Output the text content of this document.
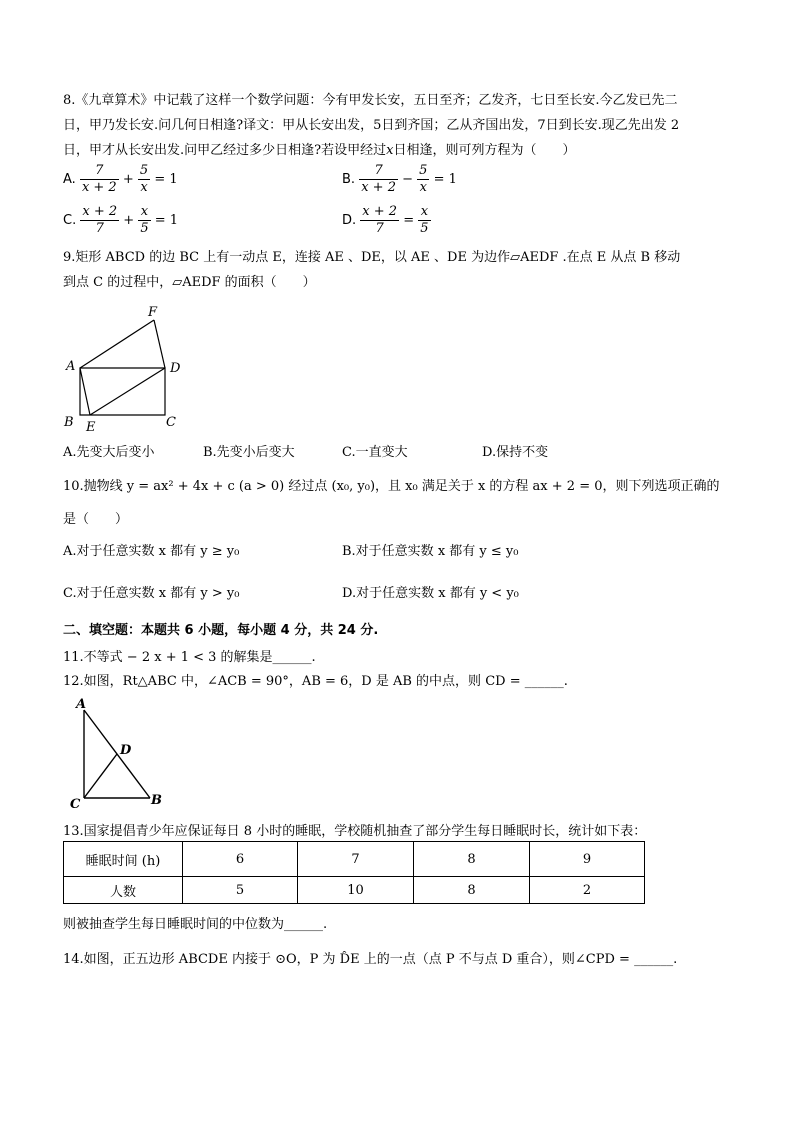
8.《九章算术》中记载了这样一个数学问题：今有甲发长安，五日至齐；乙发齐，七日至长安.今乙发已先二
日，甲乃发长安.问几何日相逢?译文：甲从长安出发，5日到齐国；乙从齐国出发，7日到长安.现乙先出发 2
日，甲才从长安出发.问甲乙经过多少日相逢?若设甲经过x日相逢，则可列方程为（　　）
A. $\frac{7}{x + 2} + \frac{5}{x} = 1$	B. $\frac{7}{x + 2} - \frac{5}{x} = 1$
C. $\frac{x + 2}{7} + \frac{x}{5} = 1$	D. $\frac{x + 2}{7} = \frac{x}{5}$
9.矩形 ABCD 的边 BC 上有一动点 E，连接 AE 、DE，以 AE 、DE 为边作▱AEDF .在点 E 从点 B 移动
到点 C 的过程中，▱AEDF 的面积（　　）
F
A	D
B E	C
A.先变大后变小	B.先变小后变大	C.一直变大	D.保持不变
10.抛物线 y = ax² + 4x + c (a > 0) 经过点 (x₀, y₀)，且 x₀ 满足关于 x 的方程 ax + 2 = 0，则下列选项正确的
是（　　）
A.对于任意实数 x 都有 y ≥ y₀	B.对于任意实数 x 都有 y ≤ y₀
C.对于任意实数 x 都有 y > y₀	D.对于任意实数 x 都有 y < y₀
二、填空题：本题共 6 小题，每小题 4 分，共 24 分.
11.不等式 − 2 x + 1 < 3 的解集是______.
12.如图，Rt△ABC 中，∠ACB = 90°，AB = 6，D 是 AB 的中点，则 CD = ______.
A
D
C	B
13.国家提倡青少年应保证每日 8 小时的睡眠，学校随机抽查了部分学生每日睡眠时长，统计如下表：
睡眠时间 (h)	6	7	8	9
人数	5	10	8	2
则被抽查学生每日睡眠时间的中位数为______.
14.如图，正五边形 ABCDE 内接于 ⊙O，P 为 D̂E 上的一点（点 P 不与点 D 重合），则∠CPD = ______.
